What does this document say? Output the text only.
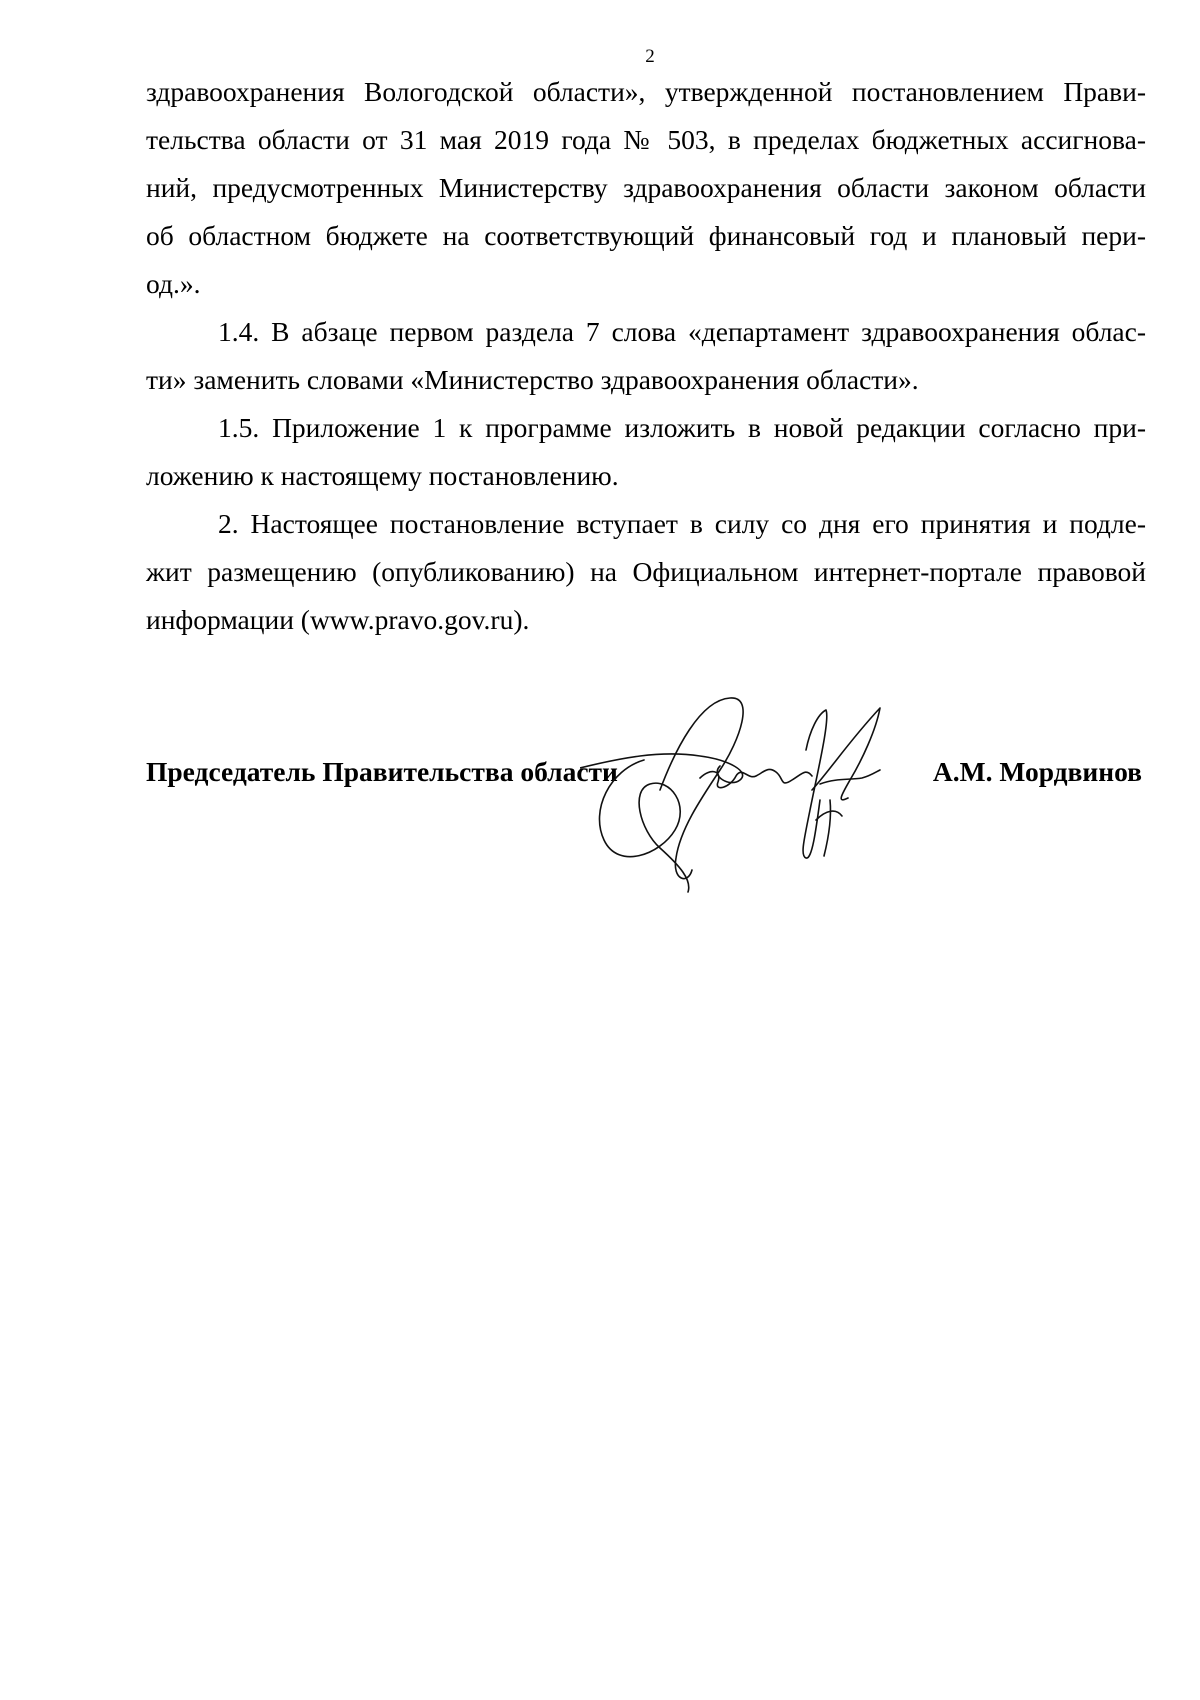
2
здравоохранения Вологодской области», утвержденной постановлением Прави-
тельства области от 31 мая 2019 года № 503, в пределах бюджетных ассигнова-
ний, предусмотренных Министерству здравоохранения области законом области
об областном бюджете на соответствующий финансовый год и плановый пери-
од.».
1.4. В абзаце первом раздела 7 слова «департамент здравоохранения облас-
ти» заменить словами «Министерство здравоохранения области».
1.5. Приложение 1 к программе изложить в новой редакции согласно при-
ложению к настоящему постановлению.
2. Настоящее постановление вступает в силу со дня его принятия и подле-
жит размещению (опубликованию) на Официальном интернет-портале правовой
информации (www.pravo.gov.ru).
Председатель Правительства области	А.М. Мордвинов
